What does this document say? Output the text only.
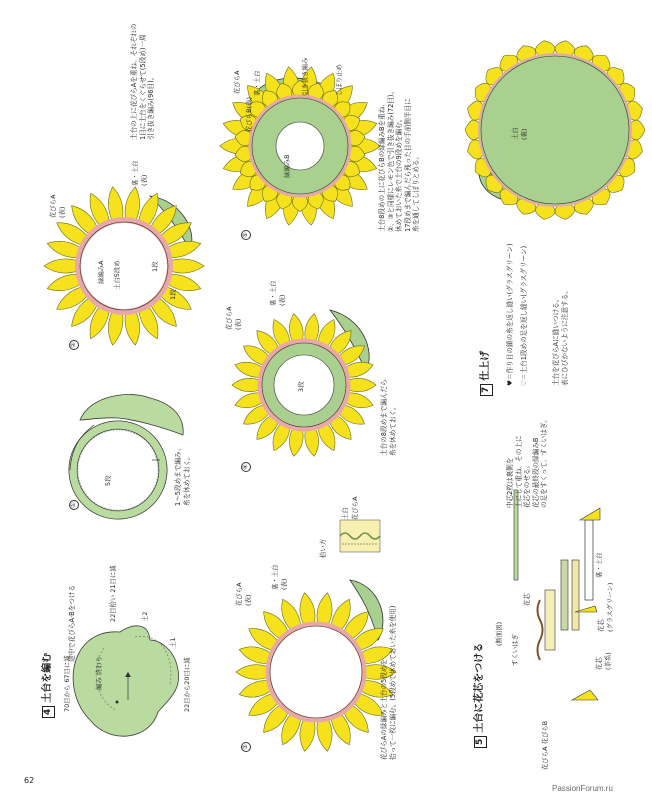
4土台を編む
途中で花びらA·Bをつける
70目から 67目に減
22目拾い 21目に減
22目から20目に減
編み 終わり
土1
土2
①
5段	1～5段めまで編み、
糸を休めておく。
②
花びらA
(表)
裏・土台
(表)
緑編みA 土台5段め	1段
1段
土台の上に花びらAを重ね、それぞれの
1目に土台をくぐらせて(5段め)一周
引き抜き編み(96目)。
③
花びらA
(表)
裏・土台
(表)
拾い方
花びらA
土台
花びらAの緑編みと土台の5段めを
拾って一枚に編む。(5段めで休めておいた糸を使用)
④
花びらA
(表)
裏・土台
(表)
3段	土台の8段めまで編んだら
糸を休めておく。
⑤
花びらA
花びらB(表)
裏・土台
緑編みB
引き抜き編み	しぼり止め
土台8段めの上に花びらBの緑編みBを重ね、
②、③と同様にレモン色で引き抜き編み(72目)。
休めておいた糸で土台の9段めを編む。
17段めまで編んだら残った目の手前側半目に
糸を通してしぼりとめる。
土台
(裏)
5土台に花芯をつける
(断面図)
すくいはぎ
花びらA 花びらB
花芯
(茶系)
花芯
(グラスグリーン)
花芯
裏・土台
中芯2枚は裏側を
上にして重ね、その上に
花芯をのせる。
花芯の最終段の緑編みB
の足をすくって、すくいはぎ。
7仕上げ
♥＝作り目の鎖の糸を返し縫い(グラスグリーン)
♡＝土台1段めの足を返し縫い(グラスグリーン)	土台を花びらAに縫いつける。
表にひびかないように注意する。
62
PassionForum.ru
